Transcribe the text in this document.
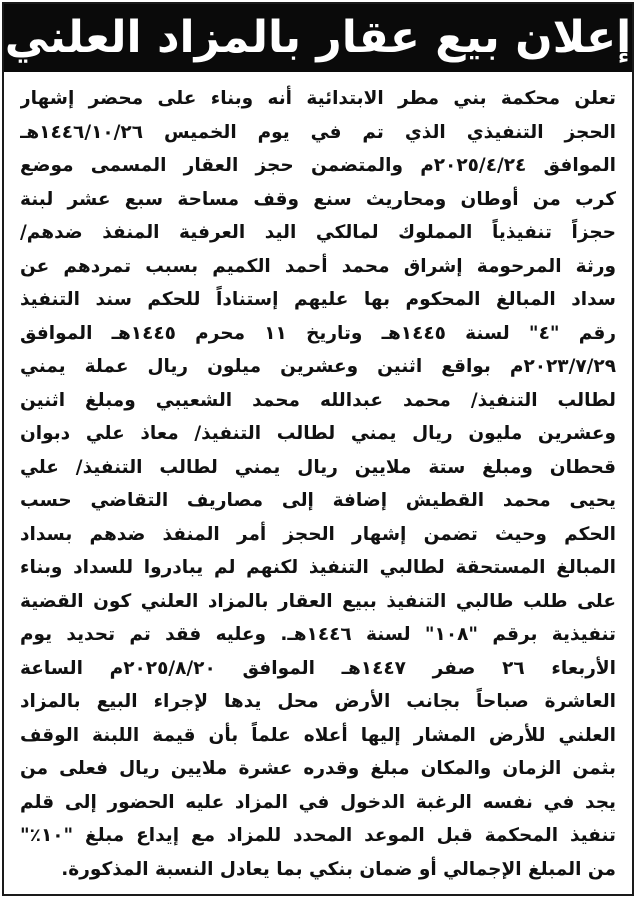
إعلان بيع عقار بالمزاد العلني
تعلن محكمة بني مطر الابتدائية أنه وبناء على محضر إشهار
الحجز التنفيذي الذي تم في يوم الخميس ١٤٤٦/١٠/٢٦هـ
الموافق ٢٠٢٥/٤/٢٤م والمتضمن حجز العقار المسمى موضع
كرب من أوطان ومحاريث سنع وقف مساحة سبع عشر لبنة
حجزاً تنفيذياً المملوك لمالكي اليد العرفية المنفذ ضدهم/
ورثة المرحومة إشراق محمد أحمد الكميم بسبب تمردهم عن
سداد المبالغ المحكوم بها عليهم إستناداً للحكم سند التنفيذ
رقم "٤" لسنة ١٤٤٥هـ وتاريخ ١١ محرم ١٤٤٥هـ الموافق
٢٠٢٣/٧/٢٩م بواقع اثنين وعشرين ميلون ريال عملة يمني
لطالب التنفيذ/ محمد عبدالله محمد الشعيبي ومبلغ اثنين
وعشرين مليون ريال يمني لطالب التنفيذ/ معاذ علي دبوان
قحطان ومبلغ ستة ملايين ريال يمني لطالب التنفيذ/ علي
يحيى محمد القطيش إضافة إلى مصاريف التقاضي حسب
الحكم وحيث تضمن إشهار الحجز أمر المنفذ ضدهم بسداد
المبالغ المستحقة لطالبي التنفيذ لكنهم لم يبادروا للسداد وبناء
على طلب طالبي التنفيذ ببيع العقار بالمزاد العلني كون القضية
تنفيذية برقم "١٠٨" لسنة ١٤٤٦هـ. وعليه فقد تم تحديد يوم
الأربعاء ٢٦ صفر ١٤٤٧هـ الموافق ٢٠٢٥/٨/٢٠م الساعة
العاشرة صباحاً بجانب الأرض محل يدها لإجراء البيع بالمزاد
العلني للأرض المشار إليها أعلاه علماً بأن قيمة اللبنة الوقف
بثمن الزمان والمكان مبلغ وقدره عشرة ملايين ريال فعلى من
يجد في نفسه الرغبة الدخول في المزاد عليه الحضور إلى قلم
تنفيذ المحكمة قبل الموعد المحدد للمزاد مع إيداع مبلغ "١٠٪"
من المبلغ الإجمالي أو ضمان بنكي بما يعادل النسبة المذكورة.
